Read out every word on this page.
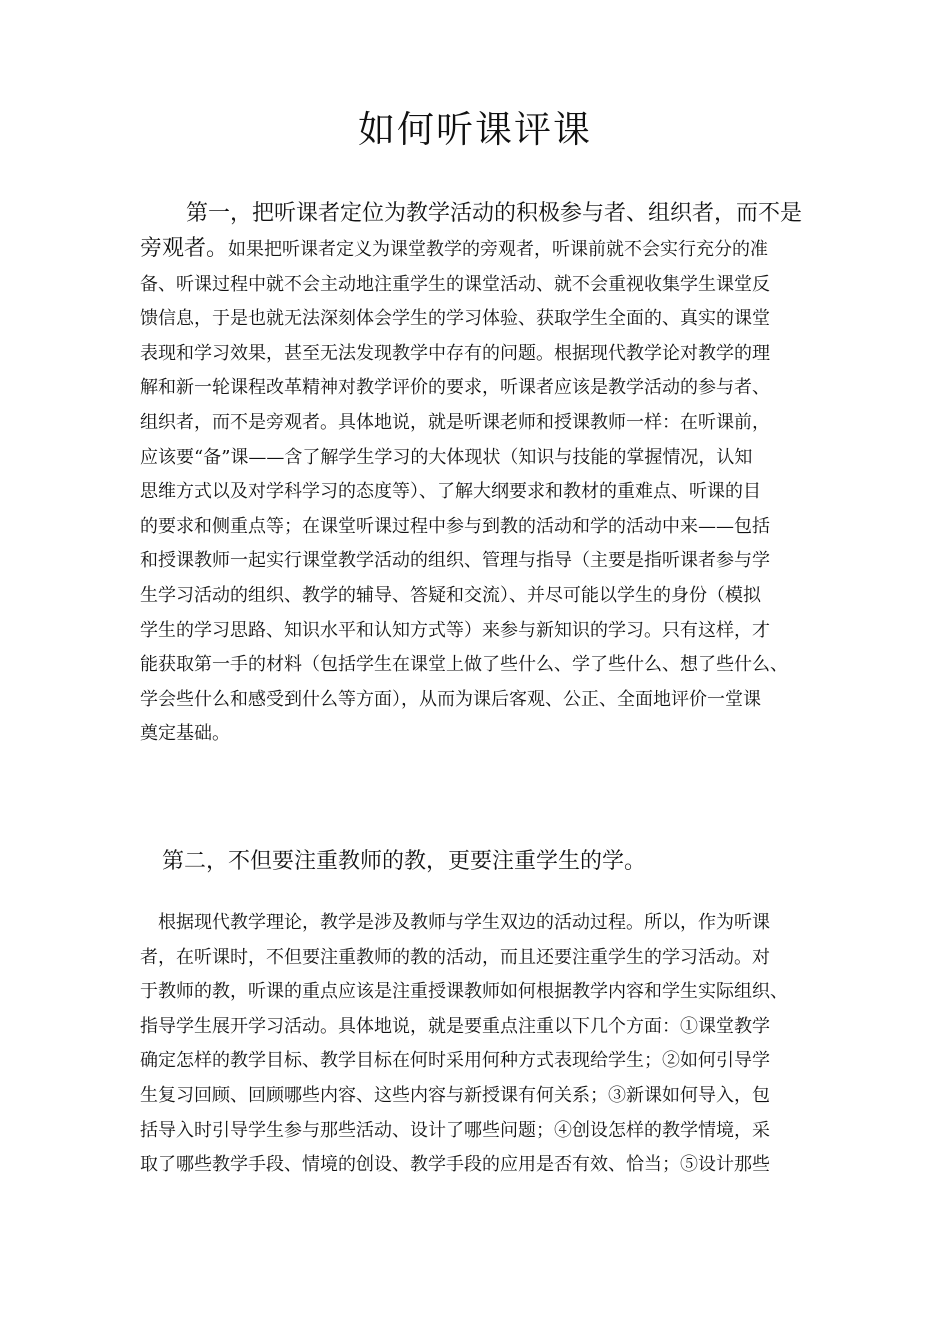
如何听课评课

第一，把听课者定位为教学活动的积极参与者、组织者，而不是

旁观者。如果把听课者定义为课堂教学的旁观者，听课前就不会实行充分的准
备、听课过程中就不会主动地注重学生的课堂活动、就不会重视收集学生课堂反
馈信息，于是也就无法深刻体会学生的学习体验、获取学生全面的、真实的课堂
表现和学习效果，甚至无法发现教学中存有的问题。根据现代教学论对教学的理
解和新一轮课程改革精神对教学评价的要求，听课者应该是教学活动的参与者、
组织者，而不是旁观者。具体地说，就是听课老师和授课教师一样：在听课前，
应该要“备”课——含了解学生学习的大体现状（知识与技能的掌握情况，认知
思维方式以及对学科学习的态度等）、了解大纲要求和教材的重难点、听课的目
的要求和侧重点等；在课堂听课过程中参与到教的活动和学的活动中来——包括
和授课教师一起实行课堂教学活动的组织、管理与指导（主要是指听课者参与学
生学习活动的组织、教学的辅导、答疑和交流）、并尽可能以学生的身份（模拟
学生的学习思路、知识水平和认知方式等）来参与新知识的学习。只有这样，才
能获取第一手的材料（包括学生在课堂上做了些什么、学了些什么、想了些什么、
学会些什么和感受到什么等方面），从而为课后客观、公正、全面地评价一堂课
奠定基础。

第二，不但要注重教师的教，更要注重学生的学。

根据现代教学理论，教学是涉及教师与学生双边的活动过程。所以，作为听课
者，在听课时，不但要注重教师的教的活动，而且还要注重学生的学习活动。对
于教师的教，听课的重点应该是注重授课教师如何根据教学内容和学生实际组织、
指导学生展开学习活动。具体地说，就是要重点注重以下几个方面：①课堂教学
确定怎样的教学目标、教学目标在何时采用何种方式表现给学生；②如何引导学
生复习回顾、回顾哪些内容、这些内容与新授课有何关系；③新课如何导入，包
括导入时引导学生参与那些活动、设计了哪些问题；④创设怎样的教学情境，采
取了哪些教学手段、情境的创设、教学手段的应用是否有效、恰当；⑤设计那些
